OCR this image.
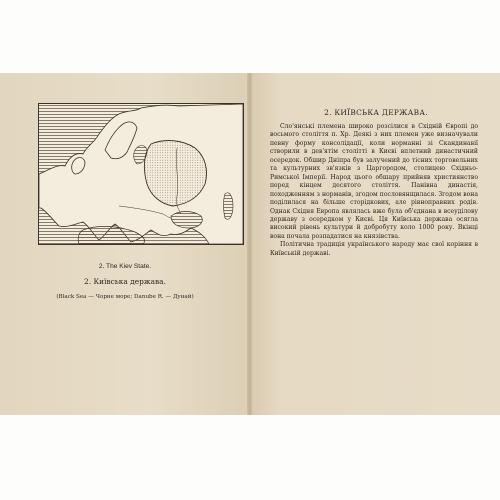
2. The Kiev State.
2. Київська держава.
(Black Sea — Чорне море; Danube R. — Дунай)
2. КИЇВСЬКА ДЕРЖАВА.

Сло'янські племена широко розсілися в Східній Європі до восьмого століття п. Хр. Деякі з них племен уже визначували певну форму консолідації, коли норманні зі Скандинавії створили в дев'ятім столітті в Києві вплетний династичний осередок. Обшир Дніпра був залучений до тісних торговельних та культурних зв'язків з Царгородом, столицею Східньо-Римської Імперії. Народ цього обшару прийняв християнство перед кінцем десятого століття. Панівна династія, походженням з норманів, згодом пословянщилася. Згодом вона поділилася на більше сторідкових, але рівноправних родів. Однак Східня Европа являлась вже була об'єднана в всеуділову державу з осередком у Києві. Ця Київська держава осягла високий рівень культури й добробуту коло 1000 року. Вкінці вона почала розпадатися на князівства.

Політична традиція українського народу має свої коріння в Київській державі.
